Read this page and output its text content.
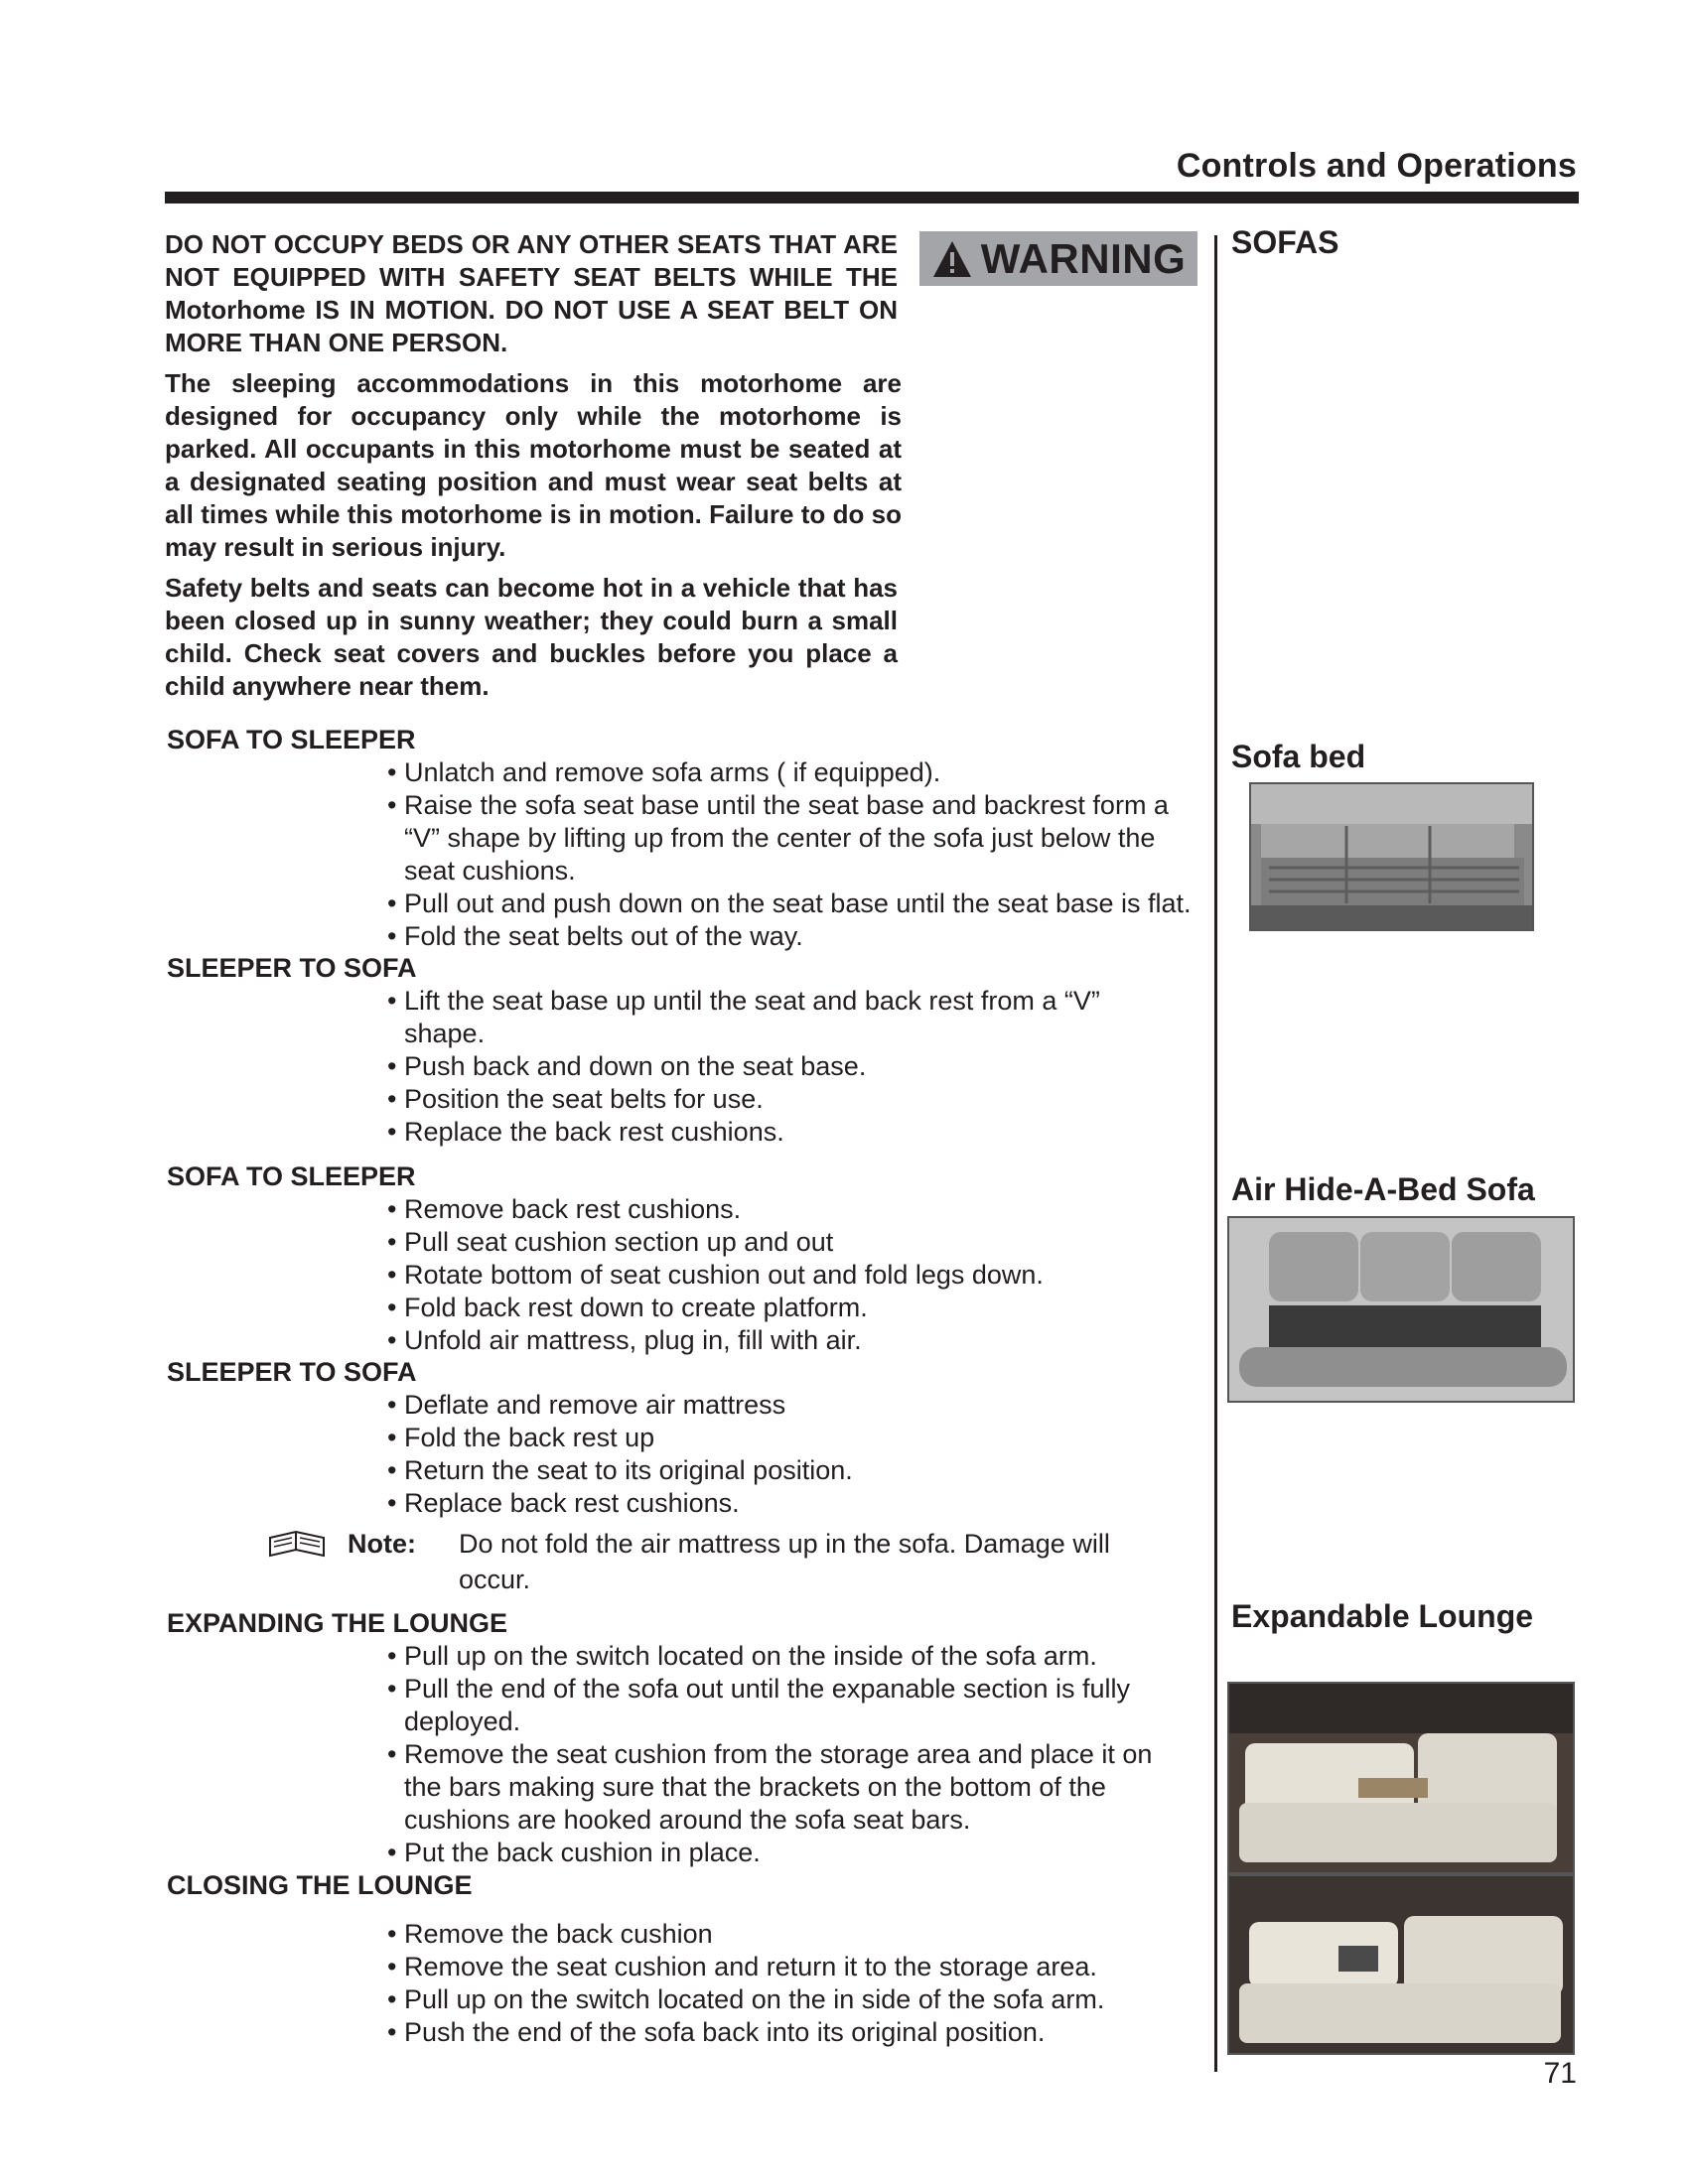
Controls and Operations

DO NOT OCCUPY BEDS OR ANY OTHER SEATS THAT ARE NOT EQUIPPED WITH SAFETY SEAT BELTS WHILE THE Motorhome IS IN MOTION. DO NOT USE A SEAT BELT ON MORE THAN ONE PERSON.

The sleeping accommodations in this motorhome are designed for occupancy only while the motorhome is parked. All occupants in this motorhome must be seated at a designated seating position and must wear seat belts at all times while this motorhome is in motion. Failure to do so may result in serious injury.

Safety belts and seats can become hot in a vehicle that has been closed up in sunny weather; they could burn a small child. Check seat covers and buckles before you place a child anywhere near them.

WARNING SOFAS
Sofa bed
Air Hide-A-Bed Sofa
Expandable Lounge
SOFA TO SLEEPER
• Unlatch and remove sofa arms ( if equipped).
• Raise the sofa seat base until the seat base and backrest form a “V” shape by lifting up from the center of the sofa just below the seat cushions.
• Pull out and push down on the seat base until the seat base is flat.
• Fold the seat belts out of the way.
SLEEPER TO SOFA
• Lift the seat base up until the seat and back rest from a “V” shape.
• Push back and down on the seat base.
• Position the seat belts for use.
• Replace the back rest cushions.
SOFA TO SLEEPER
• Remove back rest cushions.
• Pull seat cushion section up and out
• Rotate bottom of seat cushion out and fold legs down.
• Fold back rest down to create platform.
• Unfold air mattress, plug in, fill with air.
SLEEPER TO SOFA
• Deflate and remove air mattress
• Fold the back rest up
• Return the seat to its original position.
• Replace back rest cushions.
Note:	Do not fold the air mattress up in the sofa. Damage will occur.
EXPANDING THE LOUNGE
• Pull up on the switch located on the inside of the sofa arm.
• Pull the end of the sofa out until the expanable section is fully deployed.
• Remove the seat cushion from the storage area and place it on the bars making sure that the brackets on the bottom of the cushions are hooked around the sofa seat bars.
• Put the back cushion in place.
CLOSING THE LOUNGE
• Remove the back cushion
• Remove the seat cushion and return it to the storage area.
• Pull up on the switch located on the in side of the sofa arm.
• Push the end of the sofa back into its original position.
71
